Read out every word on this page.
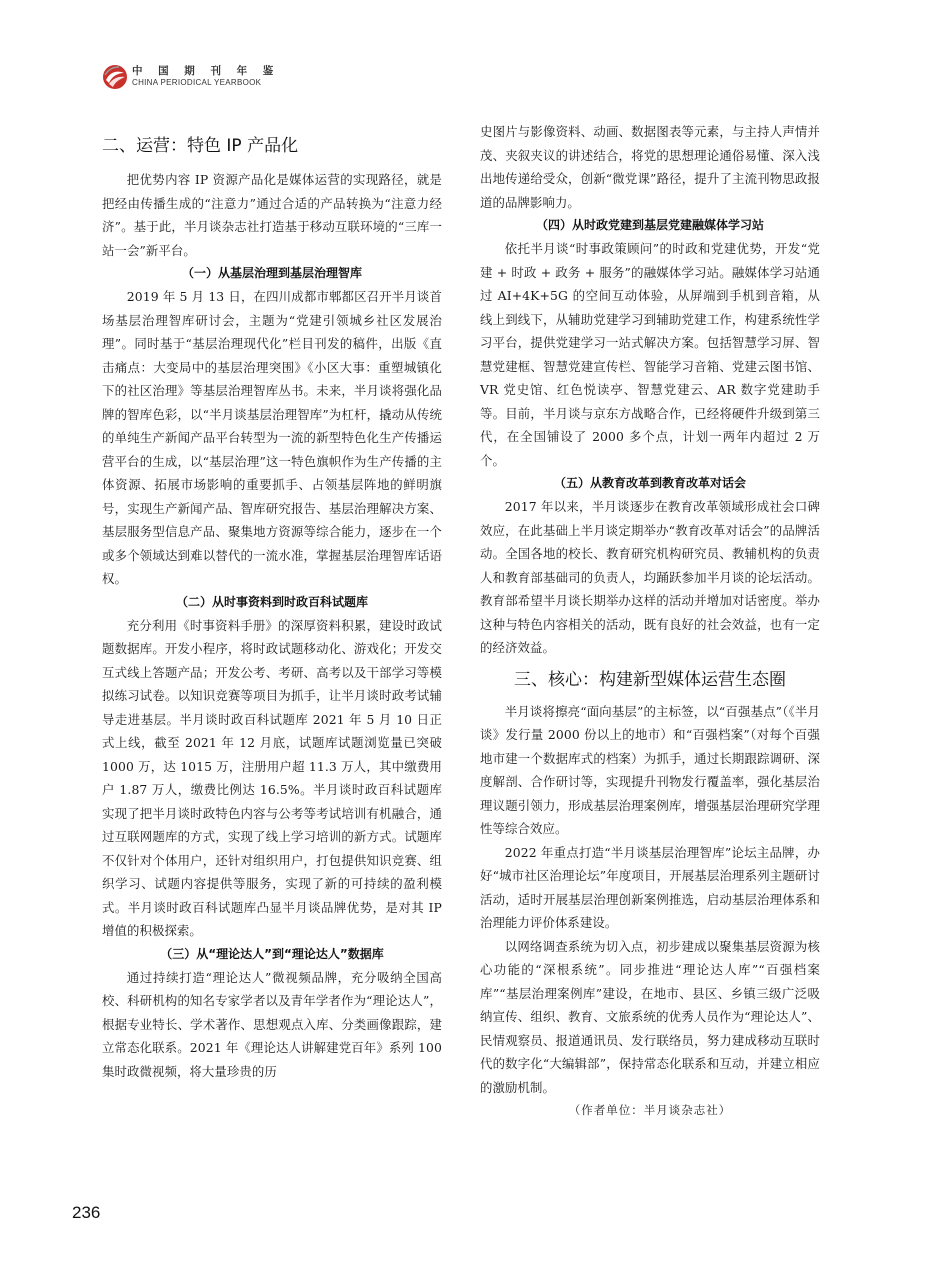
中 国 期 刊 年 鉴
CHINA PERIODICAL YEARBOOK
二、运营：特色 IP 产品化

把优势内容 IP 资源产品化是媒体运营的实现路径，就是把经由传播生成的“注意力”通过合适的产品转换为“注意力经济”。基于此，半月谈杂志社打造基于移动互联环境的“三库一站一会”新平台。

（一）从基层治理到基层治理智库

2019 年 5 月 13 日，在四川成都市郫都区召开半月谈首场基层治理智库研讨会，主题为“党建引领城乡社区发展治理”。同时基于“基层治理现代化”栏目刊发的稿件，出版《直击痛点：大变局中的基层治理突围》《小区大事：重塑城镇化下的社区治理》等基层治理智库丛书。未来，半月谈将强化品牌的智库色彩，以“半月谈基层治理智库”为杠杆，撬动从传统的单纯生产新闻产品平台转型为一流的新型特色化生产传播运营平台的生成，以“基层治理”这一特色旗帜作为生产传播的主体资源、拓展市场影响的重要抓手、占领基层阵地的鲜明旗号，实现生产新闻产品、智库研究报告、基层治理解决方案、基层服务型信息产品、聚集地方资源等综合能力，逐步在一个或多个领域达到难以替代的一流水准，掌握基层治理智库话语权。

（二）从时事资料到时政百科试题库

充分利用《时事资料手册》的深厚资料积累，建设时政试题数据库。开发小程序，将时政试题移动化、游戏化；开发交互式线上答题产品；开发公考、考研、高考以及干部学习等模拟练习试卷。以知识竞赛等项目为抓手，让半月谈时政考试辅导走进基层。半月谈时政百科试题库 2021 年 5 月 10 日正式上线，截至 2021 年 12 月底，试题库试题浏览量已突破 1000 万，达 1015 万，注册用户超 11.3 万人，其中缴费用户 1.87 万人，缴费比例达 16.5%。半月谈时政百科试题库实现了把半月谈时政特色内容与公考等考试培训有机融合，通过互联网题库的方式，实现了线上学习培训的新方式。试题库不仅针对个体用户，还针对组织用户，打包提供知识竞赛、组织学习、试题内容提供等服务，实现了新的可持续的盈利模式。半月谈时政百科试题库凸显半月谈品牌优势，是对其 IP 增值的积极探索。

（三）从“理论达人”到“理论达人”数据库

通过持续打造“理论达人”微视频品牌，充分吸纳全国高校、科研机构的知名专家学者以及青年学者作为“理论达人”，根据专业特长、学术著作、思想观点入库、分类画像跟踪，建立常态化联系。2021 年《理论达人讲解建党百年》系列 100 集时政微视频，将大量珍贵的历

史图片与影像资料、动画、数据图表等元素，与主持人声情并茂、夹叙夹议的讲述结合，将党的思想理论通俗易懂、深入浅出地传递给受众，创新“微党课”路径，提升了主流刊物思政报道的品牌影响力。

（四）从时政党建到基层党建融媒体学习站

依托半月谈“时事政策顾问”的时政和党建优势，开发“党建 + 时政 + 政务 + 服务”的融媒体学习站。融媒体学习站通过 AI+4K+5G 的空间互动体验，从屏端到手机到音箱，从线上到线下，从辅助党建学习到辅助党建工作，构建系统性学习平台，提供党建学习一站式解决方案。包括智慧学习屏、智慧党建框、智慧党建宣传栏、智能学习音箱、党建云图书馆、VR 党史馆、红色悦读亭、智慧党建云、AR 数字党建助手等。目前，半月谈与京东方战略合作，已经将硬件升级到第三代，在全国铺设了 2000 多个点，计划一两年内超过 2 万个。

（五）从教育改革到教育改革对话会

2017 年以来，半月谈逐步在教育改革领域形成社会口碑效应，在此基础上半月谈定期举办“教育改革对话会”的品牌活动。全国各地的校长、教育研究机构研究员、教辅机构的负责人和教育部基础司的负责人，均踊跃参加半月谈的论坛活动。教育部希望半月谈长期举办这样的活动并增加对话密度。举办这种与特色内容相关的活动，既有良好的社会效益，也有一定的经济效益。

三、核心：构建新型媒体运营生态圈

半月谈将擦亮“面向基层”的主标签，以“百强基点”（《半月谈》发行量 2000 份以上的地市）和“百强档案”（对每个百强地市建一个数据库式的档案）为抓手，通过长期跟踪调研、深度解剖、合作研讨等，实现提升刊物发行覆盖率，强化基层治理议题引领力，形成基层治理案例库，增强基层治理研究学理性等综合效应。

2022 年重点打造“半月谈基层治理智库”论坛主品牌，办好“城市社区治理论坛”年度项目，开展基层治理系列主题研讨活动，适时开展基层治理创新案例推选，启动基层治理体系和治理能力评价体系建设。

以网络调查系统为切入点，初步建成以聚集基层资源为核心功能的“深根系统”。同步推进“理论达人库”“百强档案库”“基层治理案例库”建设，在地市、县区、乡镇三级广泛吸纳宣传、组织、教育、文旅系统的优秀人员作为“理论达人”、民情观察员、报道通讯员、发行联络员，努力建成移动互联时代的数字化“大编辑部”，保持常态化联系和互动，并建立相应的激励机制。

（作者单位：半月谈杂志社）

236
